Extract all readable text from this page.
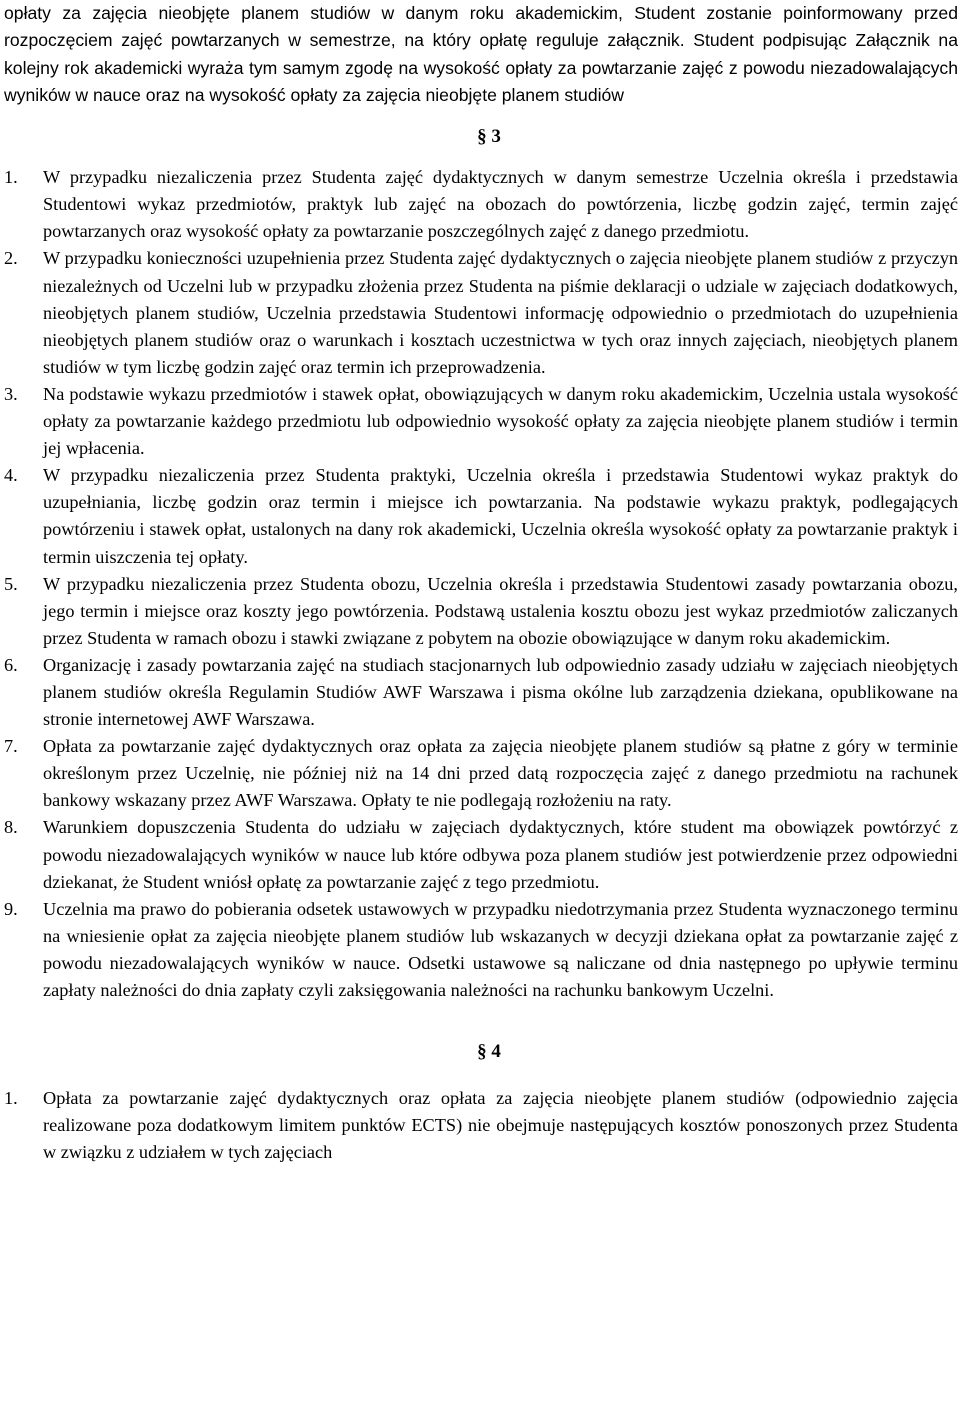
opłaty za zajęcia nieobjęte planem studiów w danym roku akademickim, Student zostanie poinformowany przed rozpoczęciem zajęć powtarzanych w semestrze, na który opłatę reguluje załącznik. Student podpisując Załącznik na kolejny rok akademicki wyraża tym samym zgodę na wysokość opłaty za powtarzanie zajęć z powodu niezadowalających wyników w nauce oraz na wysokość opłaty za zajęcia nieobjęte planem studiów

§ 3
1. W przypadku niezaliczenia przez Studenta zajęć dydaktycznych w danym semestrze Uczelnia określa i przedstawia Studentowi wykaz przedmiotów, praktyk lub zajęć na obozach do powtórzenia, liczbę godzin zajęć, termin zajęć powtarzanych oraz wysokość opłaty za powtarzanie poszczególnych zajęć z danego przedmiotu.
2. W przypadku konieczności uzupełnienia przez Studenta zajęć dydaktycznych o zajęcia nieobjęte planem studiów z przyczyn niezależnych od Uczelni lub w przypadku złożenia przez Studenta na piśmie deklaracji o udziale w zajęciach dodatkowych, nieobjętych planem studiów, Uczelnia przedstawia Studentowi informację odpowiednio o przedmiotach do uzupełnienia nieobjętych planem studiów oraz o warunkach i kosztach uczestnictwa w tych oraz innych zajęciach, nieobjętych planem studiów w tym liczbę godzin zajęć oraz termin ich przeprowadzenia.
3. Na podstawie wykazu przedmiotów i stawek opłat, obowiązujących w danym roku akademickim, Uczelnia ustala wysokość opłaty za powtarzanie każdego przedmiotu lub odpowiednio wysokość opłaty za zajęcia nieobjęte planem studiów i termin jej wpłacenia.
4. W przypadku niezaliczenia przez Studenta praktyki, Uczelnia określa i przedstawia Studentowi wykaz praktyk do uzupełniania, liczbę godzin oraz termin i miejsce ich powtarzania. Na podstawie wykazu praktyk, podlegających powtórzeniu i stawek opłat, ustalonych na dany rok akademicki, Uczelnia określa wysokość opłaty za powtarzanie praktyk i termin uiszczenia tej opłaty.
5. W przypadku niezaliczenia przez Studenta obozu, Uczelnia określa i przedstawia Studentowi zasady powtarzania obozu, jego termin i miejsce oraz koszty jego powtórzenia. Podstawą ustalenia kosztu obozu jest wykaz przedmiotów zaliczanych przez Studenta w ramach obozu i stawki związane z pobytem na obozie obowiązujące w danym roku akademickim.
6. Organizację i zasady powtarzania zajęć na studiach stacjonarnych lub odpowiednio zasady udziału w zajęciach nieobjętych planem studiów określa Regulamin Studiów AWF Warszawa i pisma okólne lub zarządzenia dziekana, opublikowane na stronie internetowej AWF Warszawa.
7. Opłata za powtarzanie zajęć dydaktycznych oraz opłata za zajęcia nieobjęte planem studiów są płatne z góry w terminie określonym przez Uczelnię, nie później niż na 14 dni przed datą rozpoczęcia zajęć z danego przedmiotu na rachunek bankowy wskazany przez AWF Warszawa. Opłaty te nie podlegają rozłożeniu na raty.
8. Warunkiem dopuszczenia Studenta do udziału w zajęciach dydaktycznych, które student ma obowiązek powtórzyć z powodu niezadowalających wyników w nauce lub które odbywa poza planem studiów jest potwierdzenie przez odpowiedni dziekanat, że Student wniósł opłatę za powtarzanie zajęć z tego przedmiotu.
9. Uczelnia ma prawo do pobierania odsetek ustawowych w przypadku niedotrzymania przez Studenta wyznaczonego terminu na wniesienie opłat za zajęcia nieobjęte planem studiów lub wskazanych w decyzji dziekana opłat za powtarzanie zajęć z powodu niezadowalających wyników w nauce. Odsetki ustawowe są naliczane od dnia następnego po upływie terminu zapłaty należności do dnia zapłaty czyli zaksięgowania należności na rachunku bankowym Uczelni.
§ 4
1. Opłata za powtarzanie zajęć dydaktycznych oraz opłata za zajęcia nieobjęte planem studiów (odpowiednio zajęcia realizowane poza dodatkowym limitem punktów ECTS) nie obejmuje następujących kosztów ponoszonych przez Studenta w związku z udziałem w tych zajęciach
